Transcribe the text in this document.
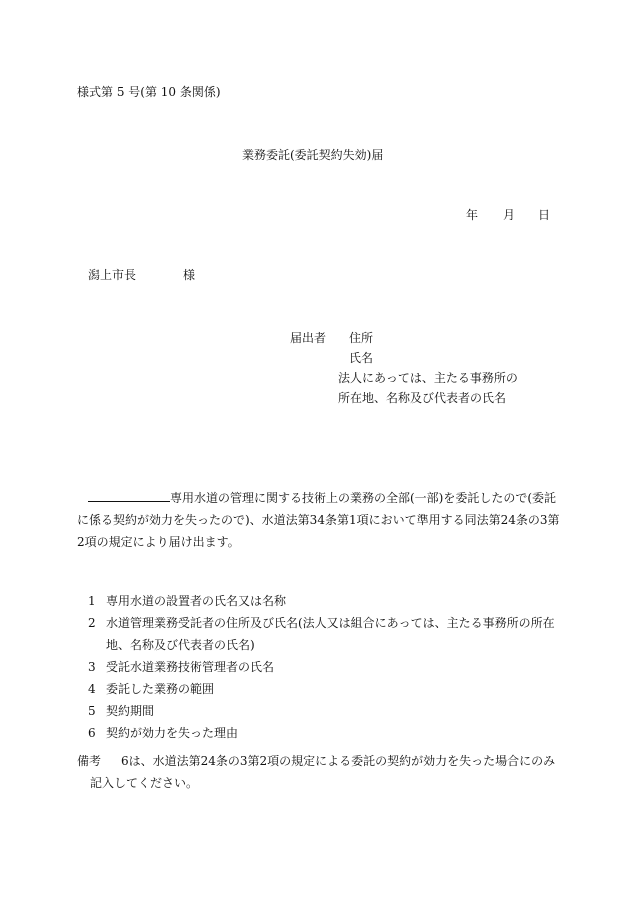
様式第 5 号(第 10 条関係)
業務委託(委託契約失効)届
年 月 日
潟上市長	様
届出者 住所
氏名
法人にあっては、主たる事務所の
所在地、名称及び代表者の氏名
専用水道の管理に関する技術上の業務の全部(一部)を委託したので(委託に係る契約が効力を失ったので)、水道法第34条第1項において準用する同法第24条の3第2項の規定により届け出ます。
1 専用水道の設置者の氏名又は名称
2 水道管理業務受託者の住所及び氏名(法人又は組合にあっては、主たる事務所の所在地、名称及び代表者の氏名)
3 受託水道業務技術管理者の氏名
4 委託した業務の範囲
5 契約期間
6 契約が効力を失った理由
備考	6は、水道法第24条の3第2項の規定による委託の契約が効力を失った場合にのみ記入してください。
